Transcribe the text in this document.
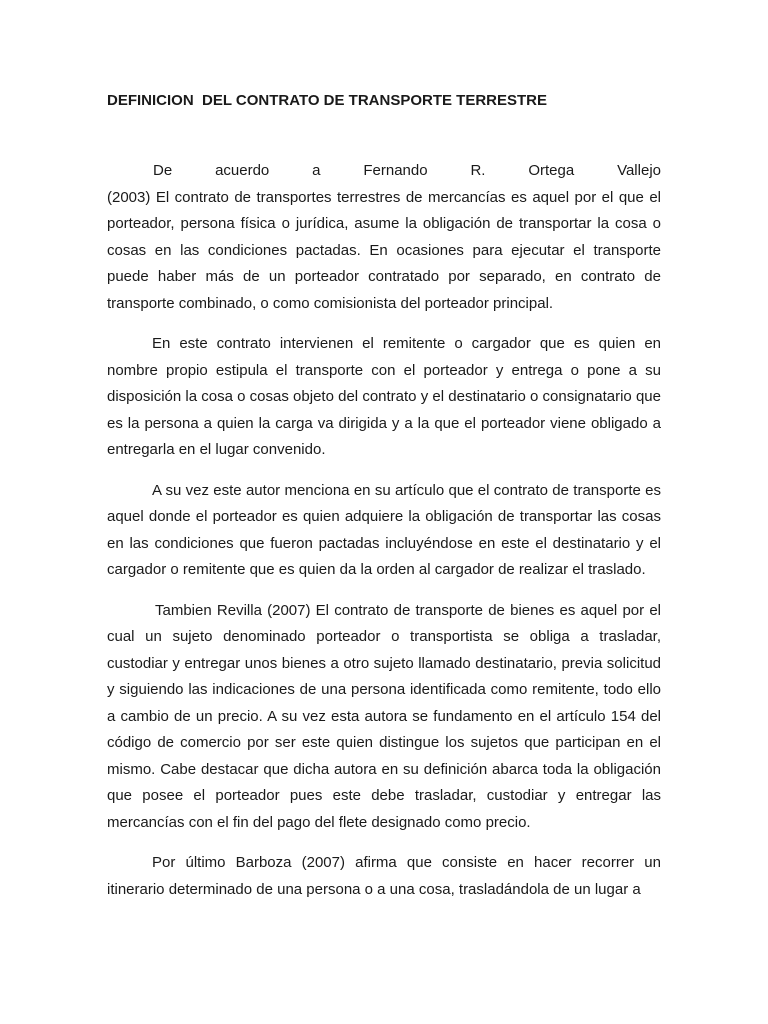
DEFINICION  DEL CONTRATO DE TRANSPORTE TERRESTRE
De	acuerdo	a	Fernando	R.	Ortega	Vallejo

(2003) El contrato de transportes terrestres de mercancías es aquel por el que el porteador, persona física o jurídica, asume la obligación de transportar la cosa o cosas en las condiciones pactadas. En ocasiones para ejecutar el transporte puede haber más de un porteador contratado por separado, en contrato de transporte combinado, o como comisionista del porteador principal.

En este contrato intervienen el remitente o cargador que es quien en nombre propio estipula el transporte con el porteador y entrega o pone a su disposición la cosa o cosas objeto del contrato y el destinatario o consignatario que es la persona a quien la carga va dirigida y a la que el porteador viene obligado a entregarla en el lugar convenido.

A su vez este autor menciona en su artículo que el contrato de transporte es aquel donde el porteador es quien adquiere la obligación de transportar las cosas en las condiciones que fueron pactadas incluyéndose en este el destinatario y el cargador o remitente que es quien da la orden al cargador de realizar el traslado.

Tambien Revilla (2007) El contrato de transporte de bienes es aquel por el cual un sujeto denominado porteador o transportista se obliga a trasladar, custodiar y entregar unos bienes a otro sujeto llamado destinatario, previa solicitud y siguiendo las indicaciones de una persona identificada como remitente, todo ello a cambio de un precio. A su vez esta autora se fundamento en el artículo 154 del código de comercio por ser este quien distingue los sujetos que participan en el mismo. Cabe destacar que dicha autora en su definición abarca toda la obligación que posee el porteador pues este debe trasladar, custodiar y entregar las mercancías con el fin del pago del flete designado como precio.

Por último Barboza (2007) afirma que consiste en hacer recorrer un itinerario determinado de una persona o a una cosa, trasladándola de un lugar a
